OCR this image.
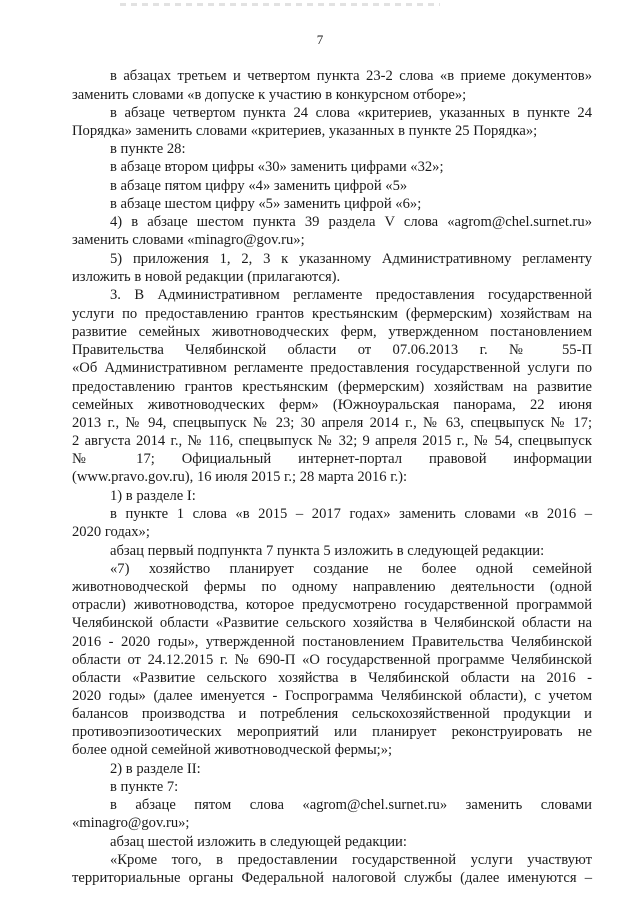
7
в абзацах третьем и четвертом пункта 23-2 слова «в приеме документов»
заменить словами «в допуске к участию в конкурсном отборе»;
в абзаце четвертом пункта 24 слова «критериев, указанных в пункте 24
Порядка» заменить словами «критериев, указанных в пункте 25 Порядка»;
в пункте 28:
в абзаце втором цифры «30» заменить цифрами «32»;
в абзаце пятом цифру «4» заменить цифрой «5»
в абзаце шестом цифру «5» заменить цифрой «6»;
4) в абзаце шестом пункта 39 раздела V слова «agrom@chel.surnet.ru»
заменить словами «minagro@gov.ru»;
5) приложения 1, 2, 3 к указанному Административному регламенту
изложить в новой редакции (прилагаются).
3. В Административном регламенте предоставления государственной
услуги по предоставлению грантов крестьянским (фермерским) хозяйствам на
развитие семейных животноводческих ферм, утвержденном постановлением
Правительства Челябинской области от 07.06.2013 г. № 55-П
«Об Административном регламенте предоставления государственной услуги по
предоставлению грантов крестьянским (фермерским) хозяйствам на развитие
семейных животноводческих ферм» (Южноуральская панорама, 22 июня
2013 г., № 94, спецвыпуск № 23; 30 апреля 2014 г., № 63, спецвыпуск № 17;
2 августа 2014 г., № 116, спецвыпуск № 32; 9 апреля 2015 г., № 54, спецвыпуск
№ 17; Официальный интернет-портал правовой информации
(www.pravo.gov.ru), 16 июля 2015 г.; 28 марта 2016 г.):
1) в разделе I:
в пункте 1 слова «в 2015 – 2017 годах» заменить словами «в 2016 –
2020 годах»;
абзац первый подпункта 7 пункта 5 изложить в следующей редакции:
«7) хозяйство планирует создание не более одной семейной
животноводческой фермы по одному направлению деятельности (одной
отрасли) животноводства, которое предусмотрено государственной программой
Челябинской области «Развитие сельского хозяйства в Челябинской области на
2016 - 2020 годы», утвержденной постановлением Правительства Челябинской
области от 24.12.2015 г. № 690-П «О государственной программе Челябинской
области «Развитие сельского хозяйства в Челябинской области на 2016 -
2020 годы» (далее именуется - Госпрограмма Челябинской области), с учетом
балансов производства и потребления сельскохозяйственной продукции и
противоэпизоотических мероприятий или планирует реконструировать не
более одной семейной животноводческой фермы;»;
2) в разделе II:
в пункте 7:
в абзаце пятом слова «agrom@chel.surnet.ru» заменить словами
«minagro@gov.ru»;
абзац шестой изложить в следующей редакции:
«Кроме того, в предоставлении государственной услуги участвуют
территориальные органы Федеральной налоговой службы (далее именуются –
